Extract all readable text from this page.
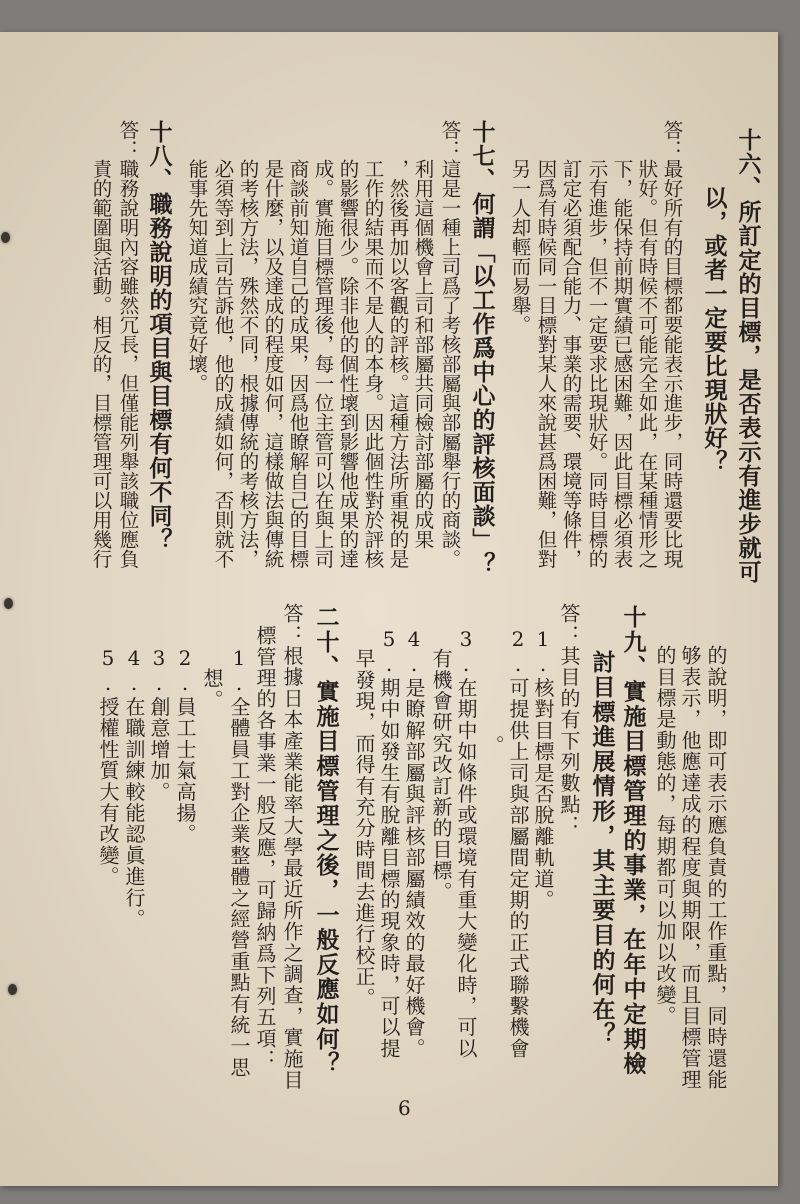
十六、所訂定的目標，是否表示有進步就可
以，或者一定要比現狀好？
答：最好所有的目標都要能表示進步，同時還要比現
狀好。但有時候不可能完全如此，在某種情形之
下，能保持前期實績已感困難，因此目標必須表
示有進步，但不一定要求比現狀好。同時目標的
訂定必須配合能力、事業的需要、環境等條件，
因爲有時候同一目標對某人來說甚爲困難，但對
另一人却輕而易舉。
十七、何謂「以工作爲中心的評核面談」？
答：這是一種上司爲了考核部屬與部屬舉行的商談。
利用這個機會上司和部屬共同檢討部屬的成果
，然後再加以客觀的評核。這種方法所重視的是
工作的結果而不是人的本身。因此個性對於評核
的影響很少。除非他的個性壞到影響他成果的達
成。實施目標管理後，每一位主管可以在與上司
商談前知道自己的成果，因爲他瞭解自己的目標
是什麼，以及達成的程度如何，這樣做法與傳統
的考核方法，殊然不同，根據傳統的考核方法，
必須等到上司告訴他，他的成績如何，否則就不
能事先知道成績究竟好壞。
十八、職務說明的項目與目標有何不同？
答：職務說明內容雖然冗長，但僅能列舉該職位應負
責的範圍與活動。相反的，目標管理可以用幾行
的說明，即可表示應負責的工作重點，同時還能
够表示，他應達成的程度與期限，而且目標管理
的目標是動態的，每期都可以加以改變。
十九、實施目標管理的事業，在年中定期檢
討目標進展情形，其主要目的何在？
答：其目的有下列數點：
1.核對目標是否脫離軌道。
2.可提供上司與部屬間定期的正式聯繫機會
。
3.在期中如條件或環境有重大變化時，可以
有機會研究改訂新的目標。
4.是瞭解部屬與評核部屬績效的最好機會。
5.期中如發生有脫離目標的現象時，可以提
早發現，而得有充分時間去進行校正。
二十、實施目標管理之後，一般反應如何？
答：根據日本產業能率大學最近所作之調查，實施目
標管理的各事業一般反應，可歸納爲下列五項：
1.全體員工對企業整體之經營重點有統一思
想。
2.員工士氣高揚。
3.創意增加。
4.在職訓練較能認眞進行。
5.授權性質大有改變。
6
